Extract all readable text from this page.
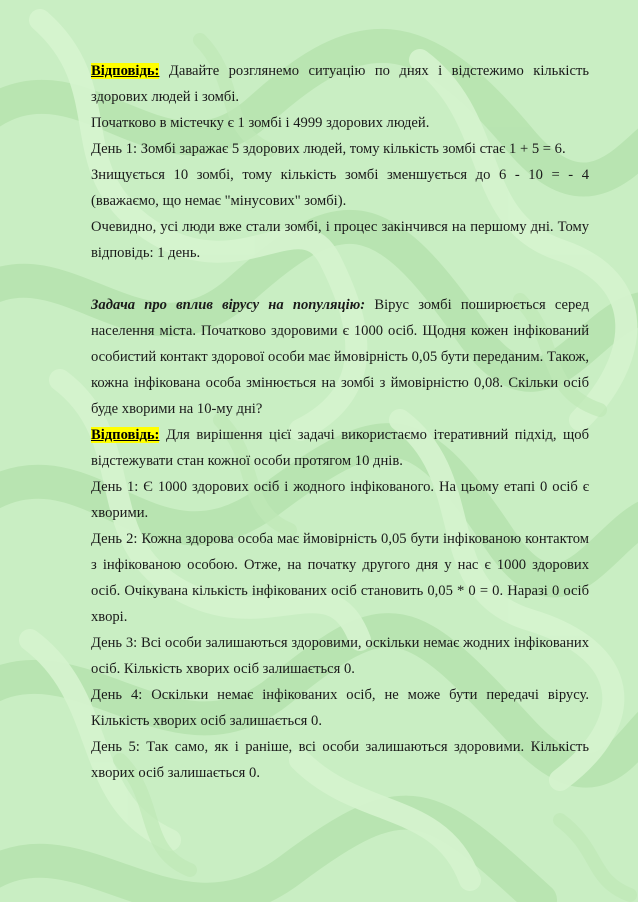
Відповідь: Давайте розглянемо ситуацію по днях і відстежимо кількість здорових людей і зомбі.

Початково в містечку є 1 зомбі і 4999 здорових людей.

День 1: Зомбі заражає 5 здорових людей, тому кількість зомбі стає 1 + 5 = 6.

Знищується 10 зомбі, тому кількість зомбі зменшується до 6 - 10 = - 4 (вважаємо, що немає "мінусових" зомбі).

Очевидно, усі люди вже стали зомбі, і процес закінчився на першому дні. Тому відповідь: 1 день.

Задача про вплив вірусу на популяцію: Вірус зомбі поширюється серед населення міста. Початково здоровими є 1000 осіб. Щодня кожен інфікований особистий контакт здорової особи має ймовірність 0,05 бути переданим. Також, кожна інфікована особа змінюється на зомбі з ймовірністю 0,08. Скільки осіб буде хворими на 10-му дні?

Відповідь: Для вирішення цієї задачі використаємо ітеративний підхід, щоб відстежувати стан кожної особи протягом 10 днів.

День 1: Є 1000 здорових осіб і жодного інфікованого. На цьому етапі 0 осіб є хворими.

День 2: Кожна здорова особа має ймовірність 0,05 бути інфікованою контактом з інфікованою особою. Отже, на початку другого дня у нас є 1000 здорових осіб. Очікувана кількість інфікованих осіб становить 0,05 * 0 = 0. Наразі 0 осіб хворі.

День 3: Всі особи залишаються здоровими, оскільки немає жодних інфікованих осіб. Кількість хворих осіб залишається 0.

День 4: Оскільки немає інфікованих осіб, не може бути передачі вірусу. Кількість хворих осіб залишається 0.

День 5: Так само, як і раніше, всі особи залишаються здоровими. Кількість хворих осіб залишається 0.
